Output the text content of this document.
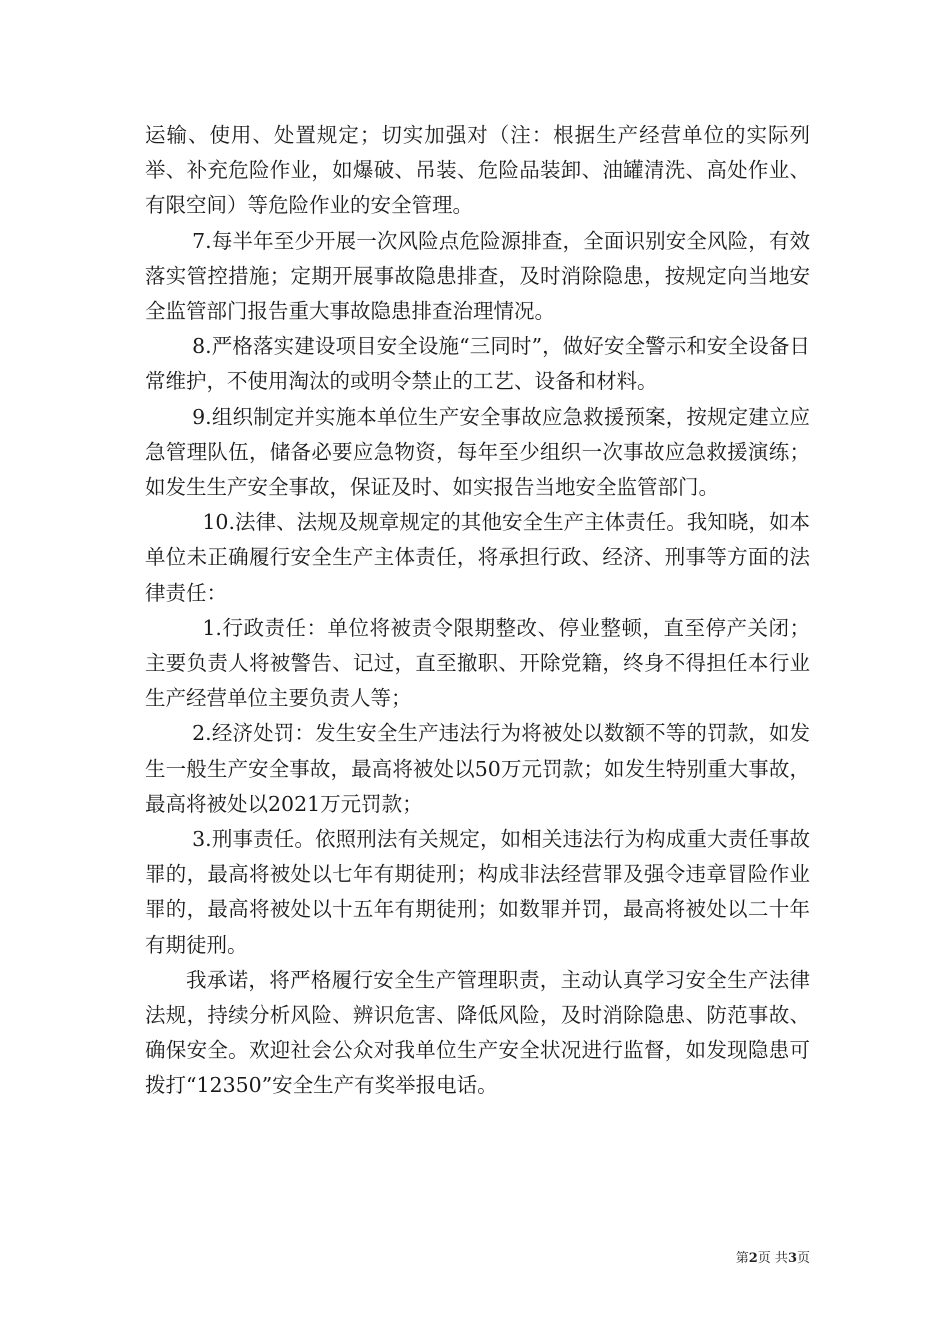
运输、使用、处置规定；切实加强对（注：根据生产经营单位的实际列举、补充危险作业，如爆破、吊装、危险品装卸、油罐清洗、高处作业、有限空间）等危险作业的安全管理。

7.每半年至少开展一次风险点危险源排查，全面识别安全风险，有效落实管控措施；定期开展事故隐患排查，及时消除隐患，按规定向当地安全监管部门报告重大事故隐患排查治理情况。

8.严格落实建设项目安全设施“三同时”，做好安全警示和安全设备日常维护，不使用淘汰的或明令禁止的工艺、设备和材料。

9.组织制定并实施本单位生产安全事故应急救援预案，按规定建立应急管理队伍，储备必要应急物资，每年至少组织一次事故应急救援演练；如发生生产安全事故，保证及时、如实报告当地安全监管部门。

10.法律、法规及规章规定的其他安全生产主体责任。我知晓，如本单位未正确履行安全生产主体责任，将承担行政、经济、刑事等方面的法律责任：

1.行政责任：单位将被责令限期整改、停业整顿，直至停产关闭；主要负责人将被警告、记过，直至撤职、开除党籍，终身不得担任本行业生产经营单位主要负责人等；

2.经济处罚：发生安全生产违法行为将被处以数额不等的罚款，如发生一般生产安全事故，最高将被处以50万元罚款；如发生特别重大事故，最高将被处以2021万元罚款；

3.刑事责任。依照刑法有关规定，如相关违法行为构成重大责任事故罪的，最高将被处以七年有期徒刑；构成非法经营罪及强令违章冒险作业罪的，最高将被处以十五年有期徒刑；如数罪并罚，最高将被处以二十年有期徒刑。

我承诺，将严格履行安全生产管理职责，主动认真学习安全生产法律法规，持续分析风险、辨识危害、降低风险，及时消除隐患、防范事故、确保安全。欢迎社会公众对我单位生产安全状况进行监督，如发现隐患可拨打“12350”安全生产有奖举报电话。

第2页 共3页
